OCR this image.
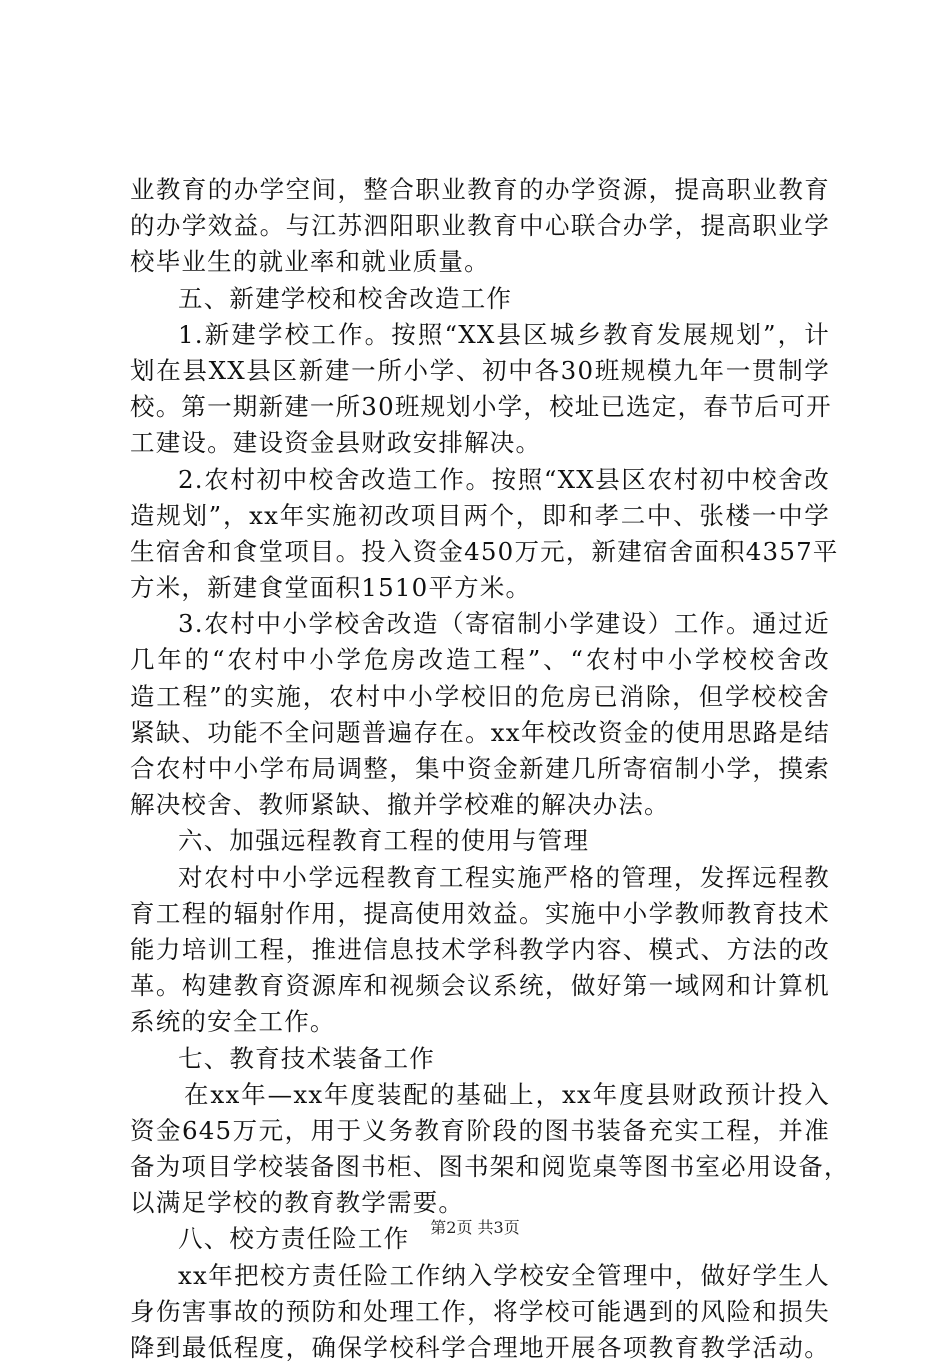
业教育的办学空间，整合职业教育的办学资源，提高职业教育
的办学效益。与江苏泗阳职业教育中心联合办学，提高职业学
校毕业生的就业率和就业质量。
五、新建学校和校舍改造工作
1.新建学校工作。按照“XX县区城乡教育发展规划”，计
划在县XX县区新建一所小学、初中各30班规模九年一贯制学
校。第一期新建一所30班规划小学，校址已选定，春节后可开
工建设。建设资金县财政安排解决。
2.农村初中校舍改造工作。按照“XX县区农村初中校舍改
造规划”，xx年实施初改项目两个，即和孝二中、张楼一中学
生宿舍和食堂项目。投入资金450万元，新建宿舍面积4357平
方米，新建食堂面积1510平方米。
3.农村中小学校舍改造（寄宿制小学建设）工作。通过近
几年的“农村中小学危房改造工程”、“农村中小学校校舍改
造工程”的实施，农村中小学校旧的危房已消除，但学校校舍
紧缺、功能不全问题普遍存在。xx年校改资金的使用思路是结
合农村中小学布局调整，集中资金新建几所寄宿制小学，摸索
解决校舍、教师紧缺、撤并学校难的解决办法。
六、加强远程教育工程的使用与管理
对农村中小学远程教育工程实施严格的管理，发挥远程教
育工程的辐射作用，提高使用效益。实施中小学教师教育技术
能力培训工程，推进信息技术学科教学内容、模式、方法的改
革。构建教育资源库和视频会议系统，做好第一域网和计算机
系统的安全工作。
七、教育技术装备工作
在xx年—xx年度装配的基础上，xx年度县财政预计投入
资金645万元，用于义务教育阶段的图书装备充实工程，并准
备为项目学校装备图书柜、图书架和阅览桌等图书室必用设备，
以满足学校的教育教学需要。
八、校方责任险工作
xx年把校方责任险工作纳入学校安全管理中，做好学生人
身伤害事故的预防和处理工作，将学校可能遇到的风险和损失
降到最低程度，确保学校科学合理地开展各项教育教学活动。
第2页 共3页
